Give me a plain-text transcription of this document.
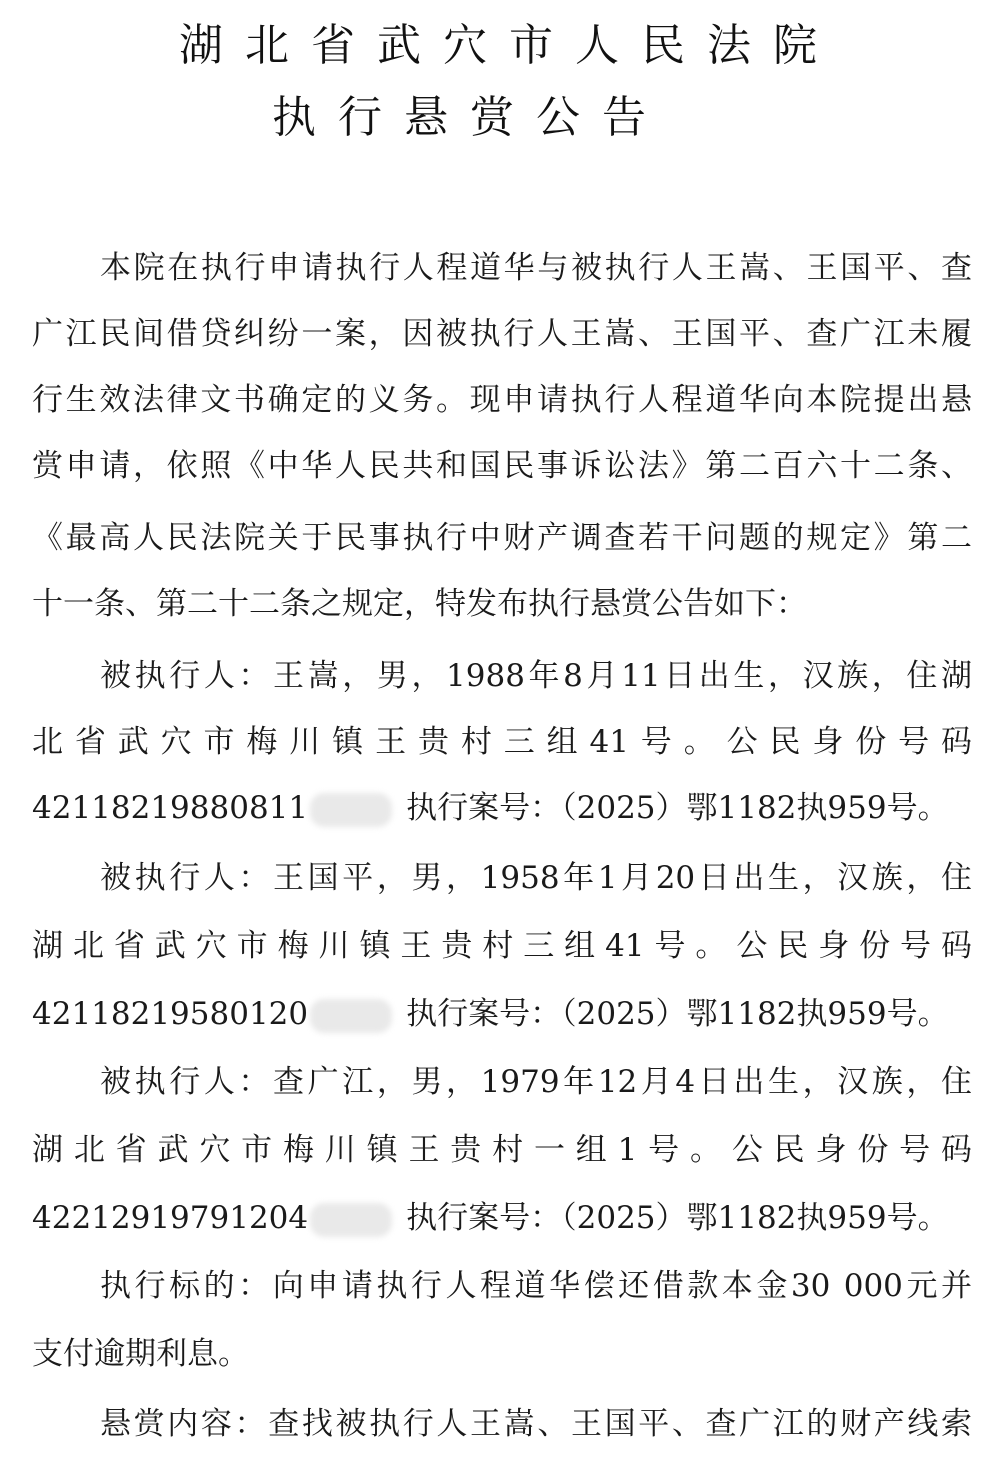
湖北省武穴市人民法院
执行悬赏公告
本院在执行申请执行人程道华与被执行人王嵩、王国平、查
广江民间借贷纠纷一案，因被执行人王嵩、王国平、查广江未履
行生效法律文书确定的义务。现申请执行人程道华向本院提出悬
赏申请，依照《中华人民共和国民事诉讼法》第二百六十二条、
《最高人民法院关于民事执行中财产调查若干问题的规定》第二
十一条、第二十二条之规定，特发布执行悬赏公告如下：
被执行人：王嵩，男，1988年8月11日出生，汉族，住湖
北省武穴市梅川镇王贵村三组41号。公民身份号码
42118219880811	执行案号：（2025）鄂1182执959号。
被执行人：王国平，男，1958年1月20日出生，汉族，住
湖北省武穴市梅川镇王贵村三组41号。公民身份号码
42118219580120	执行案号：（2025）鄂1182执959号。
被执行人：查广江，男，1979年12月4日出生，汉族，住
湖北省武穴市梅川镇王贵村一组1号。公民身份号码
42212919791204	执行案号：（2025）鄂1182执959号。
执行标的：向申请执行人程道华偿还借款本金30 000元并
支付逾期利息。
悬赏内容：查找被执行人王嵩、王国平、查广江的财产线索
